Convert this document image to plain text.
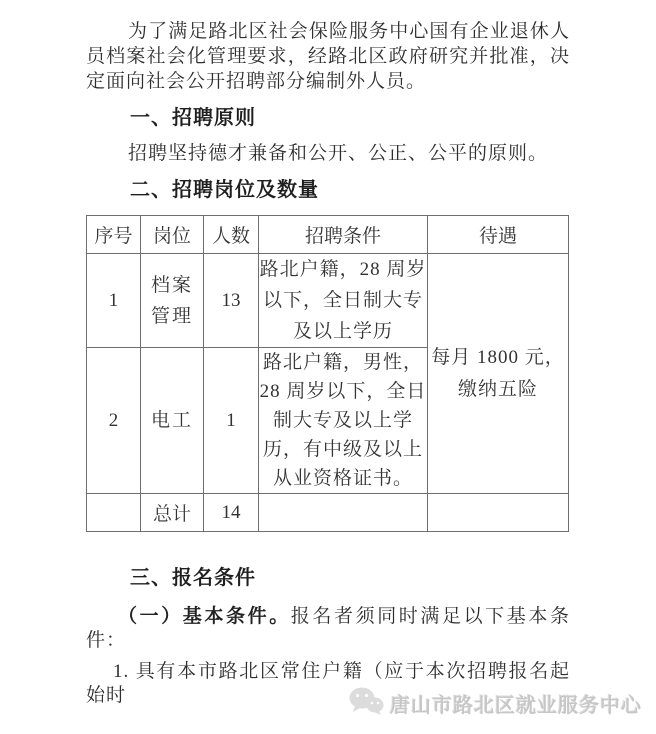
为了满足路北区社会保险服务中心国有企业退休人员档案社会化管理要求，经路北区政府研究并批准，决定面向社会公开招聘部分编制外人员。

一、招聘原则

招聘坚持德才兼备和公开、公正、公平的原则。

二、招聘岗位及数量

序号	岗位	人数	招聘条件	待遇
1	档案管理	13	路北户籍，28 周岁以下，全日制大专及以上学历	每月 1800 元，缴纳五险
2	电工	1	路北户籍，男性，28 周岁以下，全日制大专及以上学历，有中级及以上从业资格证书。	
	总计	14		

三、报名条件

（一）基本条件。报名者须同时满足以下基本条件：

1. 具有本市路北区常住户籍（应于本次招聘报名起始时	唐山市路北区就业服务中心
